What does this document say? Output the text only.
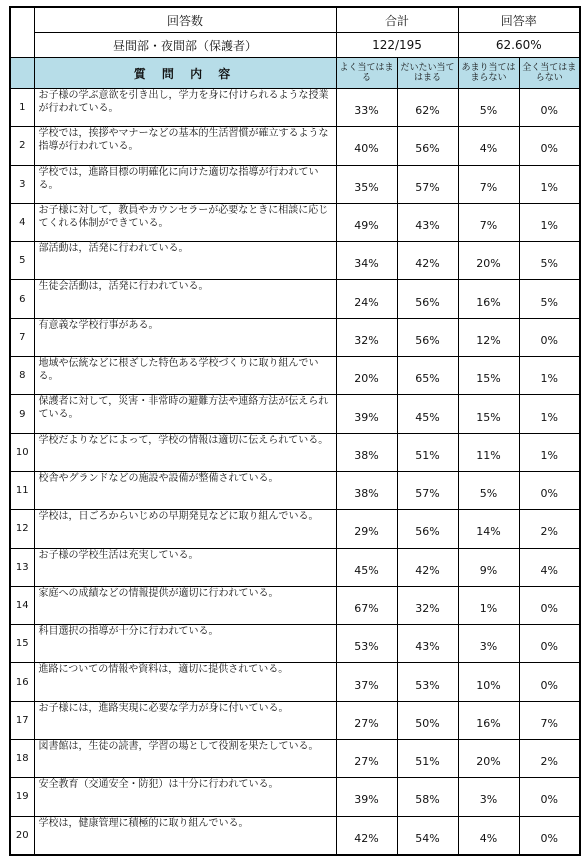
	回答数	合計		回答率	
	昼間部・夜間部（保護者）	122/195		62.60%	
	質 問 内 容	よく当てはまる	だいたい当てはまる	あまり当てはまらない	全く当てはまらない
1	お子様の学ぶ意欲を引き出し，学力を身に付けられるような授業が行われている。	33%	62%	5%	0%
2	学校では，挨拶やマナーなどの基本的生活習慣が確立するような指導が行われている。	40%	56%	4%	0%
3	学校では，進路目標の明確化に向けた適切な指導が行われている。	35%	57%	7%	1%
4	お子様に対して，教員やカウンセラーが必要なときに相談に応じてくれる体制ができている。	49%	43%	7%	1%
5	部活動は，活発に行われている。	34%	42%	20%	5%
6	生徒会活動は，活発に行われている。	24%	56%	16%	5%
7	有意義な学校行事がある。	32%	56%	12%	0%
8	地域や伝統などに根ざした特色ある学校づくりに取り組んでいる。	20%	65%	15%	1%
9	保護者に対して，災害・非常時の避難方法や連絡方法が伝えられている。	39%	45%	15%	1%
10	学校だよりなどによって，学校の情報は適切に伝えられている。	38%	51%	11%	1%
11	校舎やグランドなどの施設や設備が整備されている。	38%	57%	5%	0%
12	学校は，日ごろからいじめの早期発見などに取り組んでいる。	29%	56%	14%	2%
13	お子様の学校生活は充実している。	45%	42%	9%	4%
14	家庭への成績などの情報提供が適切に行われている。	67%	32%	1%	0%
15	科目選択の指導が十分に行われている。	53%	43%	3%	0%
16	進路についての情報や資料は，適切に提供されている。	37%	53%	10%	0%
17	お子様には，進路実現に必要な学力が身に付いている。	27%	50%	16%	7%
18	図書館は，生徒の読書，学習の場として役割を果たしている。	27%	51%	20%	2%
19	安全教育（交通安全・防犯）は十分に行われている。	39%	58%	3%	0%
20	学校は，健康管理に積極的に取り組んでいる。	42%	54%	4%	0%
